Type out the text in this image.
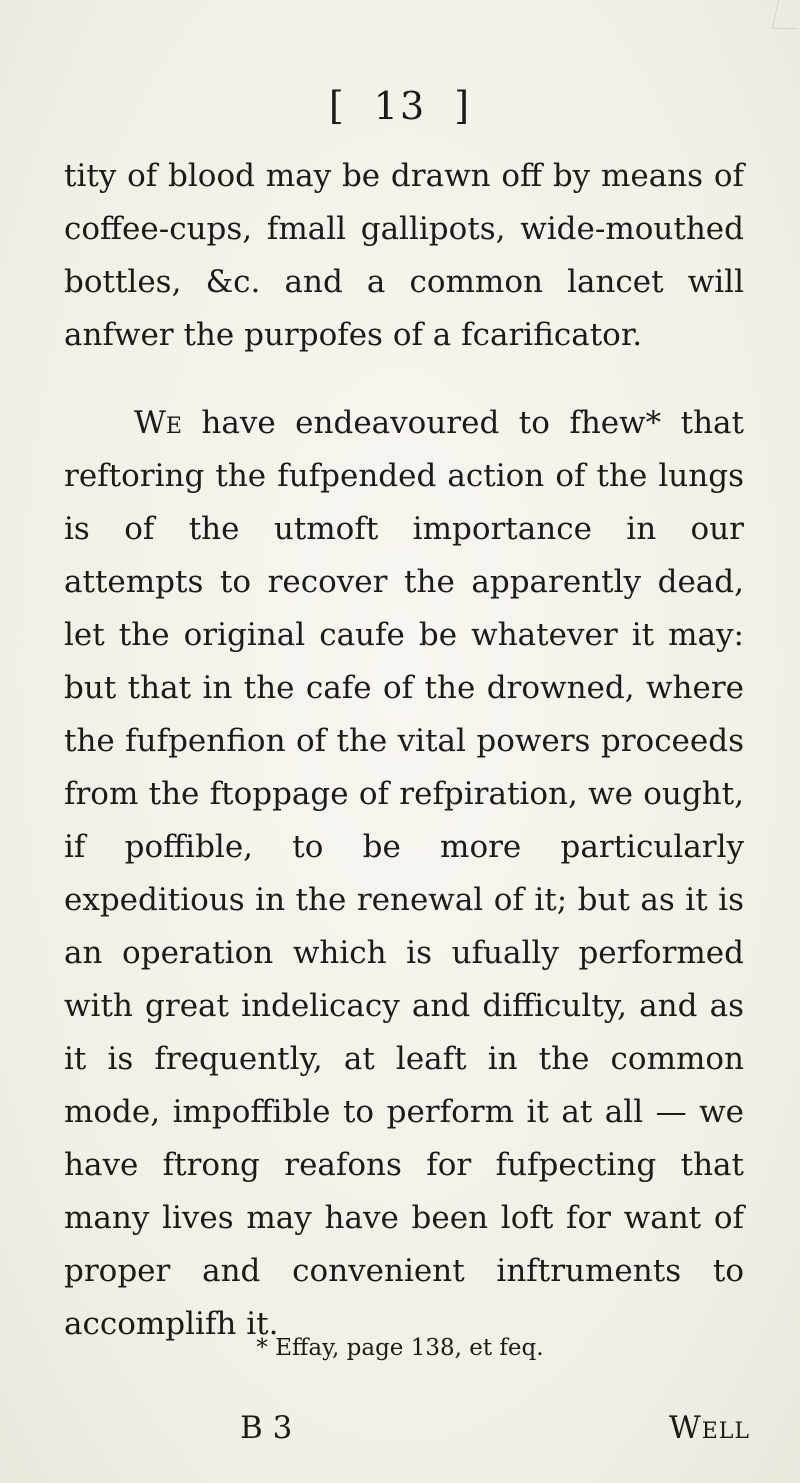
[ 13 ]

tity of blood may be drawn off by means of coffee-cups, fmall gallipots, wide-mouthed bottles, &c. and a common lancet will anfwer the purpofes of a fcarificator.

We have endeavoured to fhew* that reftoring the fufpended action of the lungs is of the utmoft importance in our attempts to recover the apparently dead, let the original caufe be whatever it may: but that in the cafe of the drowned, where the fufpenfion of the vital powers proceeds from the ftoppage of refpiration, we ought, if poffible, to be more particularly expeditious in the renewal of it; but as it is an operation which is ufually performed with great indelicacy and difficulty, and as it is frequently, at leaft in the common mode, impoffible to perform it at all — we have ftrong reafons for fufpecting that many lives may have been loft for want of proper and convenient inftruments to accomplifh it.

* Effay, page 138, et feq.
B 3	Well
